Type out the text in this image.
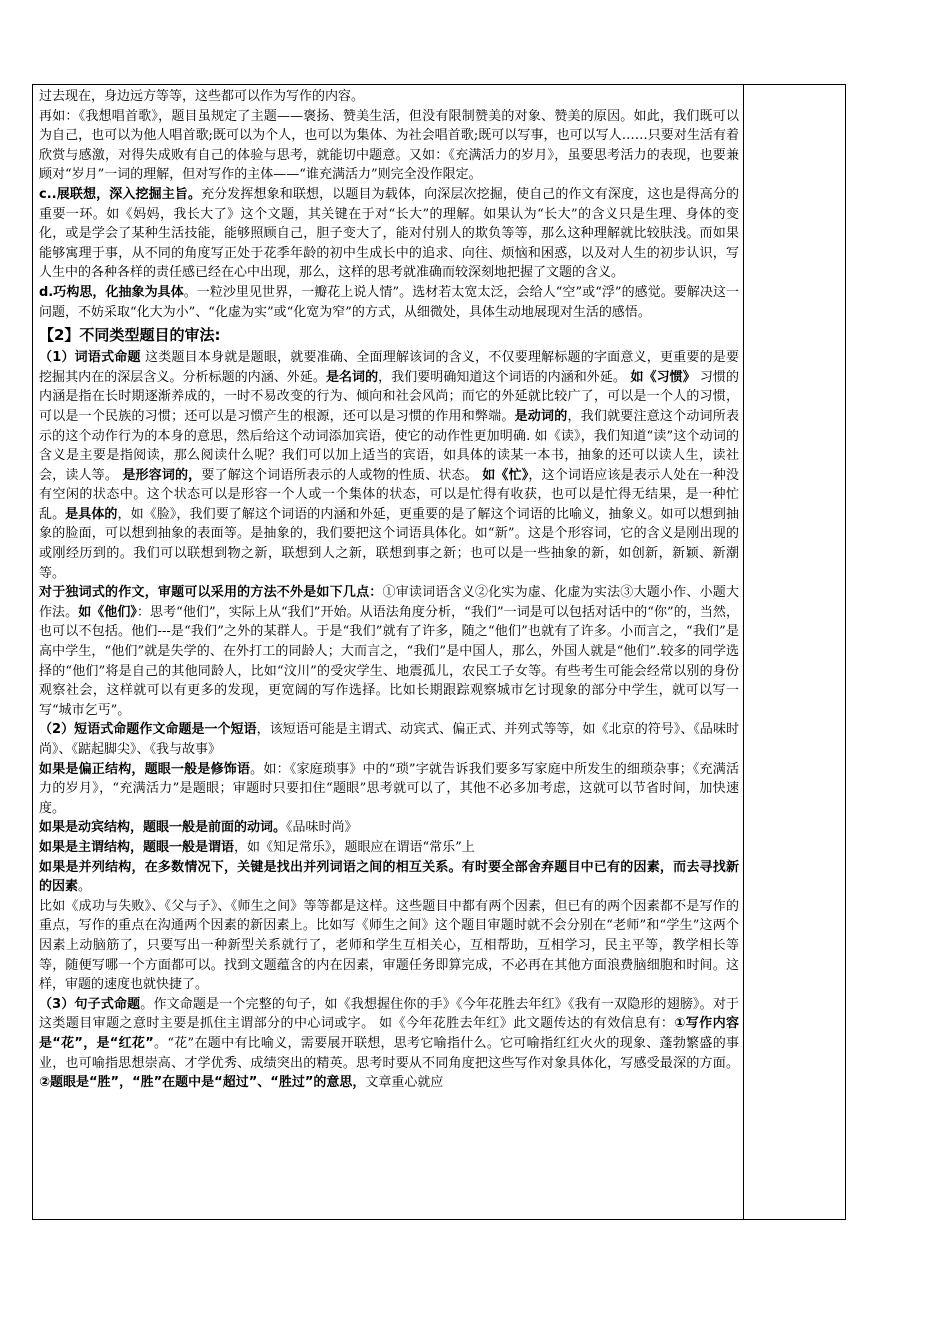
过去现在，身边远方等等，这些都可以作为写作的内容。

再如：《我想唱首歌》，题目虽规定了主题——褒扬、赞美生活，但没有限制赞美的对象、赞美的原因。如此，我们既可以为自己，也可以为他人唱首歌;既可以为个人，也可以为集体、为社会唱首歌;既可以写事，也可以写人……只要对生活有着欣赏与感激，对得失成败有自己的体验与思考，就能切中题意。又如：《充满活力的岁月》，虽要思考活力的表现，也要兼顾对“岁月”一词的理解，但对写作的主体——“谁充满活力”则完全没作限定。

c..展联想，深入挖掘主旨。充分发挥想象和联想，以题目为载体，向深层次挖掘，使自己的作文有深度，这也是得高分的重要一环。如《妈妈，我长大了》这个文题，其关键在于对“长大”的理解。如果认为“长大”的含义只是生理、身体的变化，或是学会了某种生活技能，能够照顾自己，胆子变大了，能对付别人的欺负等等，那么这种理解就比较肤浅。而如果能够寓理于事，从不同的角度写正处于花季年龄的初中生成长中的追求、向往、烦恼和困惑，以及对人生的初步认识，写人生中的各种各样的责任感已经在心中出现，那么，这样的思考就准确而较深刻地把握了文题的含义。

d.巧构思，化抽象为具体。一粒沙里见世界，一瓣花上说人情”。选材若太宽太泛，会给人“空”或“浮”的感觉。要解决这一问题，不妨采取“化大为小”、“化虚为实”或“化宽为窄”的方式，从细微处，具体生动地展现对生活的感悟。

【2】不同类型题目的审法:

（1）词语式命题 这类题目本身就是题眼，就要准确、全面理解该词的含义，不仅要理解标题的字面意义，更重要的是要挖掘其内在的深层含义。分析标题的内涵、外延。是名词的，我们要明确知道这个词语的内涵和外延。 如《习惯》 习惯的内涵是指在长时期逐渐养成的，一时不易改变的行为、倾向和社会风尚；而它的外延就比较广了，可以是一个人的习惯，可以是一个民族的习惯；还可以是习惯产生的根源，还可以是习惯的作用和弊端。是动词的，我们就要注意这个动词所表示的这个动作行为的本身的意思，然后给这个动词添加宾语，使它的动作性更加明确. 如《读》，我们知道“读”这个动词的含义是主要是指阅读，那么阅读什么呢？我们可以加上适当的宾语，如具体的读某一本书，抽象的还可以读人生，读社会，读人等。 是形容词的，要了解这个词语所表示的人或物的性质、状态。 如《忙》，这个词语应该是表示人处在一种没有空闲的状态中。这个状态可以是形容一个人或一个集体的状态，可以是忙得有收获，也可以是忙得无结果，是一种忙乱。是具体的，如《脸》，我们要了解这个词语的内涵和外延，更重要的是了解这个词语的比喻义，抽象义。如可以想到抽象的脸面，可以想到抽象的表面等。是抽象的，我们要把这个词语具体化。如“新”。这是个形容词，它的含义是刚出现的或刚经历到的。我们可以联想到物之新，联想到人之新，联想到事之新；也可以是一些抽象的新，如创新，新颖、新潮等。

对于独词式的作文，审题可以采用的方法不外是如下几点：①审读词语含义②化实为虚、化虚为实法③大题小作、小题大作法。如《他们》：思考“他们”，实际上从“我们”开始。从语法角度分析，“我们”一词是可以包括对话中的“你”的，当然，也可以不包括。他们---是“我们”之外的某群人。于是“我们”就有了许多，随之“他们”也就有了许多。小而言之，“我们”是高中学生，“他们”就是失学的、在外打工的同龄人；大而言之，“我们”是中国人，那么，外国人就是“他们”.较多的同学选择的“他们”将是自己的其他同龄人，比如“汶川”的受灾学生、地震孤儿，农民工子女等。有些考生可能会经常以别的身份观察社会，这样就可以有更多的发现，更宽阔的写作选择。比如长期跟踪观察城市乞讨现象的部分中学生，就可以写一写“城市乞丐”。

（2）短语式命题作文命题是一个短语，该短语可能是主谓式、动宾式、偏正式、并列式等等，如《北京的符号》、《品味时尚》、《踮起脚尖》、《我与故事》

如果是偏正结构，题眼一般是修饰语。如：《家庭琐事》中的“琐”字就告诉我们要多写家庭中所发生的细琐杂事；《充满活力的岁月》，“充满活力”是题眼；审题时只要扣住“题眼”思考就可以了，其他不必多加考虑，这就可以节省时间，加快速度。

如果是动宾结构，题眼一般是前面的动词。《品味时尚》

如果是主谓结构，题眼一般是谓语，如《知足常乐》，题眼应在谓语“常乐”上

如果是并列结构，在多数情况下，关键是找出并列词语之间的相互关系。有时要全部舍弃题目中已有的因素，而去寻找新的因素。

比如《成功与失败》、《父与子》、《师生之间》等等都是这样。这些题目中都有两个因素，但已有的两个因素都不是写作的重点，写作的重点在沟通两个因素的新因素上。比如写《师生之间》这个题目审题时就不会分别在“老师”和“学生”这两个因素上动脑筋了，只要写出一种新型关系就行了，老师和学生互相关心，互相帮助，互相学习，民主平等，教学相长等等，随便写哪一个方面都可以。找到文题蕴含的内在因素，审题任务即算完成，不必再在其他方面浪费脑细胞和时间。这样，审题的速度也就快捷了。

（3）句子式命题。作文命题是一个完整的句子，如《我想握住你的手》《今年花胜去年红》《我有一双隐形的翅膀》。对于这类题目审题之意时主要是抓住主谓部分的中心词或字。 如《今年花胜去年红》此文题传达的有效信息有：①写作内容是“花”，是“红花”。“花”在题中有比喻义，需要展开联想，思考它喻指什么。它可喻指红红火火的现象、蓬勃繁盛的事业，也可喻指思想崇高、才学优秀、成绩突出的精英。思考时要从不同角度把这些写作对象具体化，写感受最深的方面。②题眼是“胜”，“胜”在题中是“超过”、“胜过”的意思，文章重心就应
